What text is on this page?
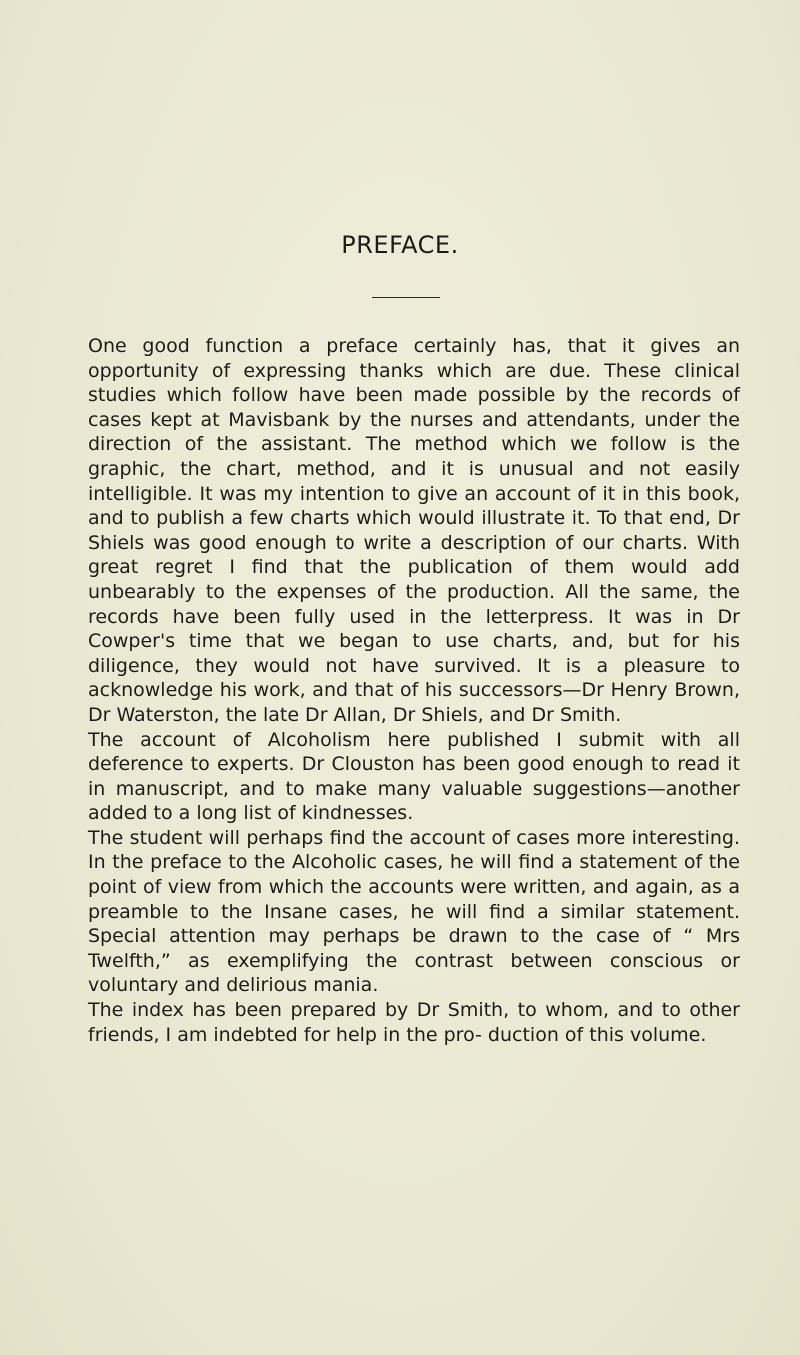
PREFACE.

One good function a preface certainly has, that it gives an opportunity of expressing thanks which are due. These clinical studies which follow have been made possible by the records of cases kept at Mavisbank by the nurses and attendants, under the direction of the assistant. The method which we follow is the graphic, the chart, method, and it is unusual and not easily intelligible. It was my intention to give an account of it in this book, and to publish a few charts which would illustrate it. To that end, Dr Shiels was good enough to write a description of our charts. With great regret I find that the publication of them would add unbearably to the expenses of the production. All the same, the records have been fully used in the letterpress. It was in Dr Cowper's time that we began to use charts, and, but for his diligence, they would not have survived. It is a pleasure to acknowledge his work, and that of his successors—Dr Henry Brown, Dr Waterston, the late Dr Allan, Dr Shiels, and Dr Smith.

The account of Alcoholism here published I submit with all deference to experts. Dr Clouston has been good enough to read it in manuscript, and to make many valuable suggestions—another added to a long list of kindnesses.

The student will perhaps find the account of cases more interesting. In the preface to the Alcoholic cases, he will find a statement of the point of view from which the accounts were written, and again, as a preamble to the Insane cases, he will find a similar statement. Special attention may perhaps be drawn to the case of “ Mrs Twelfth,” as exemplifying the contrast between conscious or voluntary and delirious mania.

The index has been prepared by Dr Smith, to whom, and to other friends, I am indebted for help in the pro- duction of this volume.
